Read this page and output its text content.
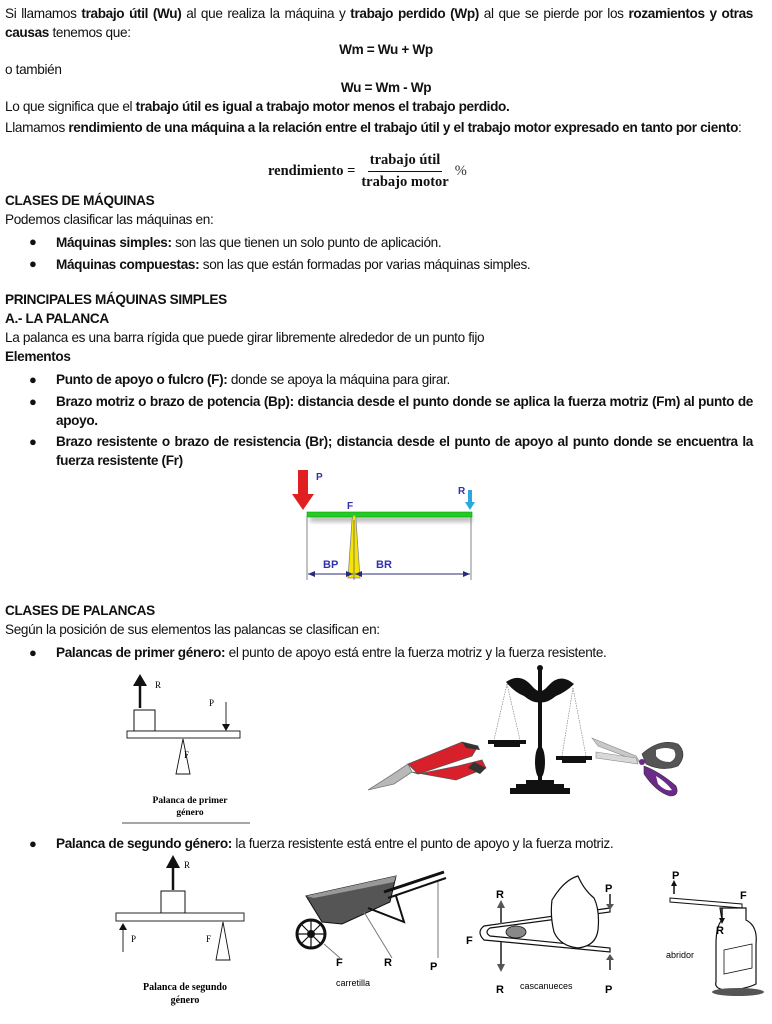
Si llamamos trabajo útil (Wu) al que realiza la máquina y trabajo perdido (Wp) al que se pierde por los rozamientos y otras causas tenemos que:
Wm = Wu + Wp
o también
Wu = Wm - Wp
Lo que significa que el trabajo útil es igual a trabajo motor menos el trabajo perdido.
Llamamos rendimiento de una máquina a la relación entre el trabajo útil y el trabajo motor expresado en tanto por ciento:
rendimiento = $\frac{\text{trabajo útil}}{\text{trabajo motor}}$ %
CLASES DE MÁQUINAS
Podemos clasificar las máquinas en:
● Máquinas simples: son las que tienen un solo punto de aplicación.
● Máquinas compuestas: son las que están formadas por varias máquinas simples.
PRINCIPALES MÁQUINAS SIMPLES
A.- LA PALANCA
La palanca es una barra rígida que puede girar libremente alrededor de un punto fijo
Elementos
● Punto de apoyo o fulcro (F): donde se apoya la máquina para girar.
● Brazo motriz o brazo de potencia (Bp): distancia desde el punto donde se aplica la fuerza motriz (Fm) al punto de apoyo.
● Brazo resistente o brazo de resistencia (Br); distancia desde el punto de apoyo al punto donde se encuentra la fuerza resistente (Fr)
P
R
F
BP	BR
CLASES DE PALANCAS
Según la posición de sus elementos las palancas se clasifican en:
● Palancas de primer género: el punto de apoyo está entre la fuerza motriz y la fuerza resistente.
R
P
F
Palanca de primer
género
● Palanca de segundo género: la fuerza resistente está entre el punto de apoyo y la fuerza motriz.
R
P	F
Palanca de segundo
género
F	R	P
carretilla
R
R
F
P
P
cascanueces
P
F
R
abridor
